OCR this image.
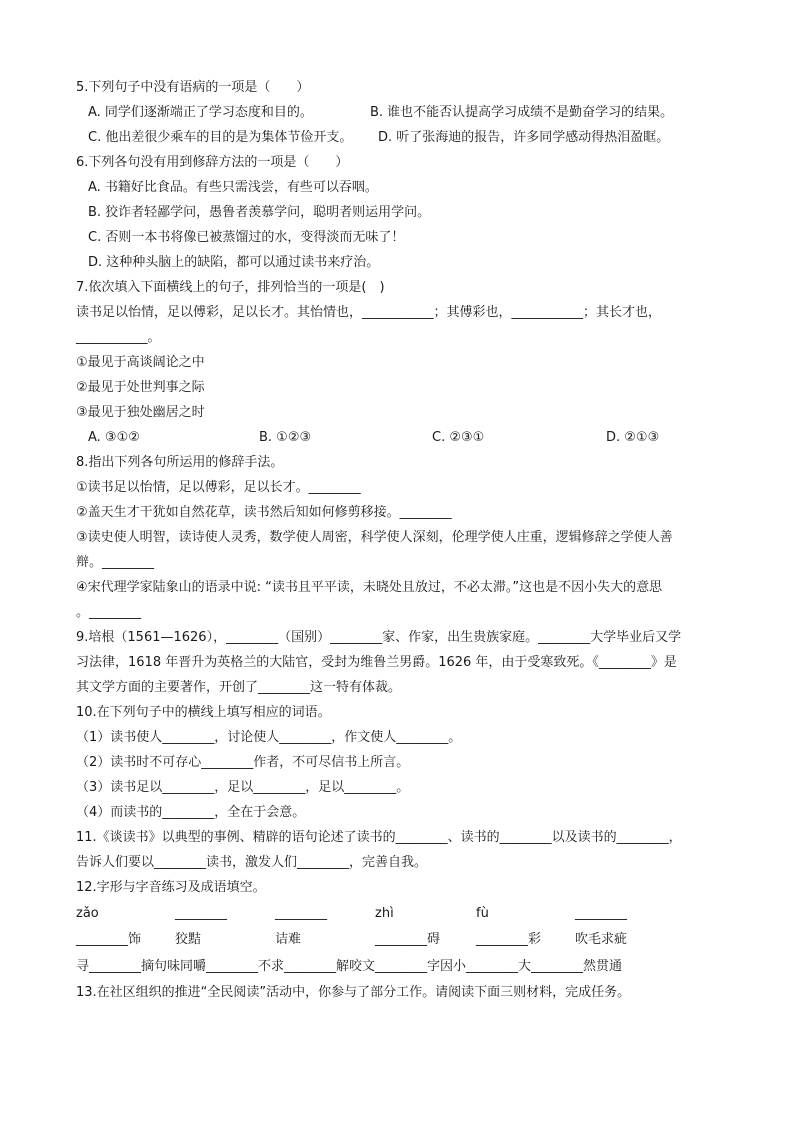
5.下列句子中没有语病的一项是（　　）
A. 同学们逐渐端正了学习态度和目的。	B. 谁也不能否认提高学习成绩不是勤奋学习的结果。
C. 他出差很少乘车的目的是为集体节俭开支。 D. 听了张海迪的报告，许多同学感动得热泪盈眶。
6.下列各句没有用到修辞方法的一项是（　　）
A. 书籍好比食品。有些只需浅尝，有些可以吞咽。
B. 狡诈者轻鄙学问，愚鲁者羡慕学问，聪明者则运用学问。
C. 否则一本书将像已被蒸馏过的水，变得淡而无味了！
D. 这种种头脑上的缺陷，都可以通过读书来疗治。
7.依次填入下面横线上的句子，排列恰当的一项是(　)
读书足以怡情，足以傅彩，足以长才。其怡情也，___________；其傅彩也，___________；其长才也，
___________。
①最见于高谈阔论之中
②最见于处世判事之际
③最见于独处幽居之时
A. ③①②	B. ①②③	C. ②③①	D. ②①③
8.指出下列各句所运用的修辞手法。
①读书足以怡情，足以傅彩，足以长才。________
②盖天生才干犹如自然花草，读书然后知如何修剪移接。________
③读史使人明智，读诗使人灵秀，数学使人周密，科学使人深刻，伦理学使人庄重，逻辑修辞之学使人善
辩。________
④宋代理学家陆象山的语录中说: “读书且平平读，未晓处且放过，不必太滞。”这也是不因小失大的意思
。________
9.培根（1561—1626），________（国别）________家、作家，出生贵族家庭。________大学毕业后又学
习法律，1618 年晋升为英格兰的大陆官，受封为维鲁兰男爵。1626 年，由于受寒致死。《________》是
其文学方面的主要著作，开创了________这一特有体裁。
10.在下列句子中的横线上填写相应的词语。
（1）读书使人________，讨论使人________，作文使人________。
（2）读书时不可存心________作者，不可尽信书上所言。
（3）读书足以________，足以________，足以________。
（4）而读书的________，全在于会意。
11.《谈读书》以典型的事例、精辟的语句论述了读书的________、读书的________以及读书的________，
告诉人们要以________读书，激发人们________，完善自我。
12.字形与字音练习及成语填空。
zǎo	________	________	zhì	fù	________
________饰	狡黠	诘难	________碍	________彩	吹毛求疵
寻________摘句味同嚼________不求________解咬文________字因小________大________然贯通
13.在社区组织的推进“全民阅读”活动中，你参与了部分工作。请阅读下面三则材料，完成任务。
